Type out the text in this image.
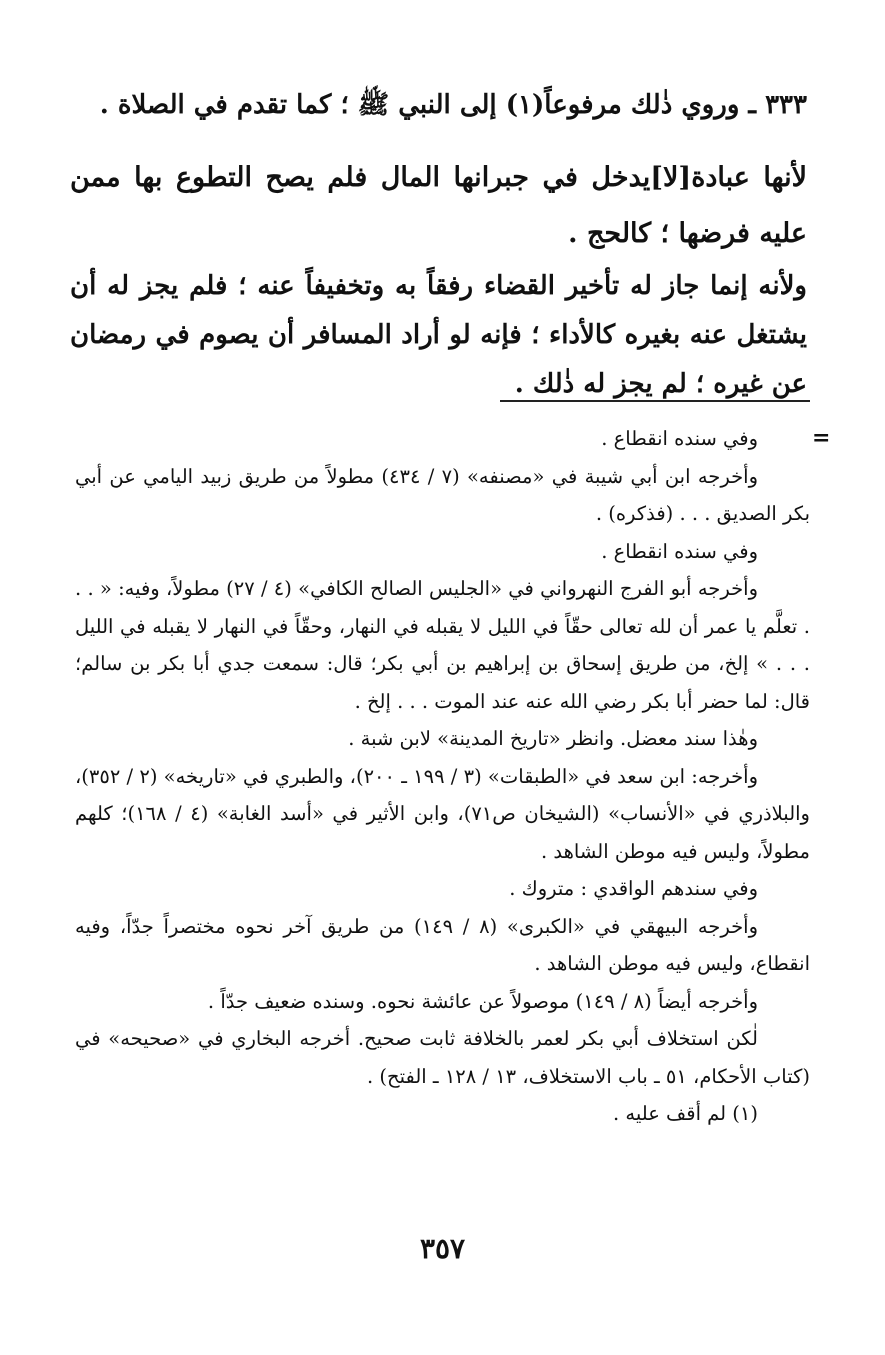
٣٣٣ ـ وروي ذٰلك مرفوعاً(١) إلى النبي ﷺ ؛ كما تقدم في الصلاة .
لأنها عبادة[لا]يدخل في جبرانها المال فلم يصح التطوع بها ممن عليه فرضها ؛ كالحج .
ولأنه إنما جاز له تأخير القضاء رفقاً به وتخفيفاً عنه ؛ فلم يجز له أن يشتغل عنه بغيره كالأداء ؛ فإنه لو أراد المسافر أن يصوم في رمضان عن غيره ؛ لم يجز له ذٰلك .
=

وفي سنده انقطاع .

وأخرجه ابن أبي شيبة في «مصنفه» (٧ / ٤٣٤) مطولاً من طريق زبيد اليامي عن أبي بكر الصديق . . . (فذكره) .

وفي سنده انقطاع .

وأخرجه أبو الفرج النهرواني في «الجليس الصالح الكافي» (٤ / ٢٧) مطولاً، وفيه: « . . . تعلَّم يا عمر أن لله تعالى حقّاً في الليل لا يقبله في النهار، وحقّاً في النهار لا يقبله في الليل . . . » إلخ، من طريق إسحاق بن إبراهيم بن أبي بكر؛ قال: سمعت جدي أبا بكر بن سالم؛ قال: لما حضر أبا بكر رضي الله عنه عند الموت . . . إلخ .

وهٰذا سند معضل. وانظر «تاريخ المدينة» لابن شبة .

وأخرجه: ابن سعد في «الطبقات» (٣ / ١٩٩ ـ ٢٠٠)، والطبري في «تاريخه» (٢ / ٣٥٢)، والبلاذري في «الأنساب» (الشيخان ص٧١)، وابن الأثير في «أسد الغابة» (٤ / ١٦٨)؛ كلهم مطولاً، وليس فيه موطن الشاهد .

وفي سندهم الواقدي : متروك .

وأخرجه البيهقي في «الكبرى» (٨ / ١٤٩) من طريق آخر نحوه مختصراً جدّاً، وفيه انقطاع، وليس فيه موطن الشاهد .

وأخرجه أيضاً (٨ / ١٤٩) موصولاً عن عائشة نحوه. وسنده ضعيف جدّاً .

لٰكن استخلاف أبي بكر لعمر بالخلافة ثابت صحيح. أخرجه البخاري في «صحيحه» في (كتاب الأحكام، ٥١ ـ باب الاستخلاف، ١٣ / ١٢٨ ـ الفتح) .

(١) لم أقف عليه .

٣٥٧
